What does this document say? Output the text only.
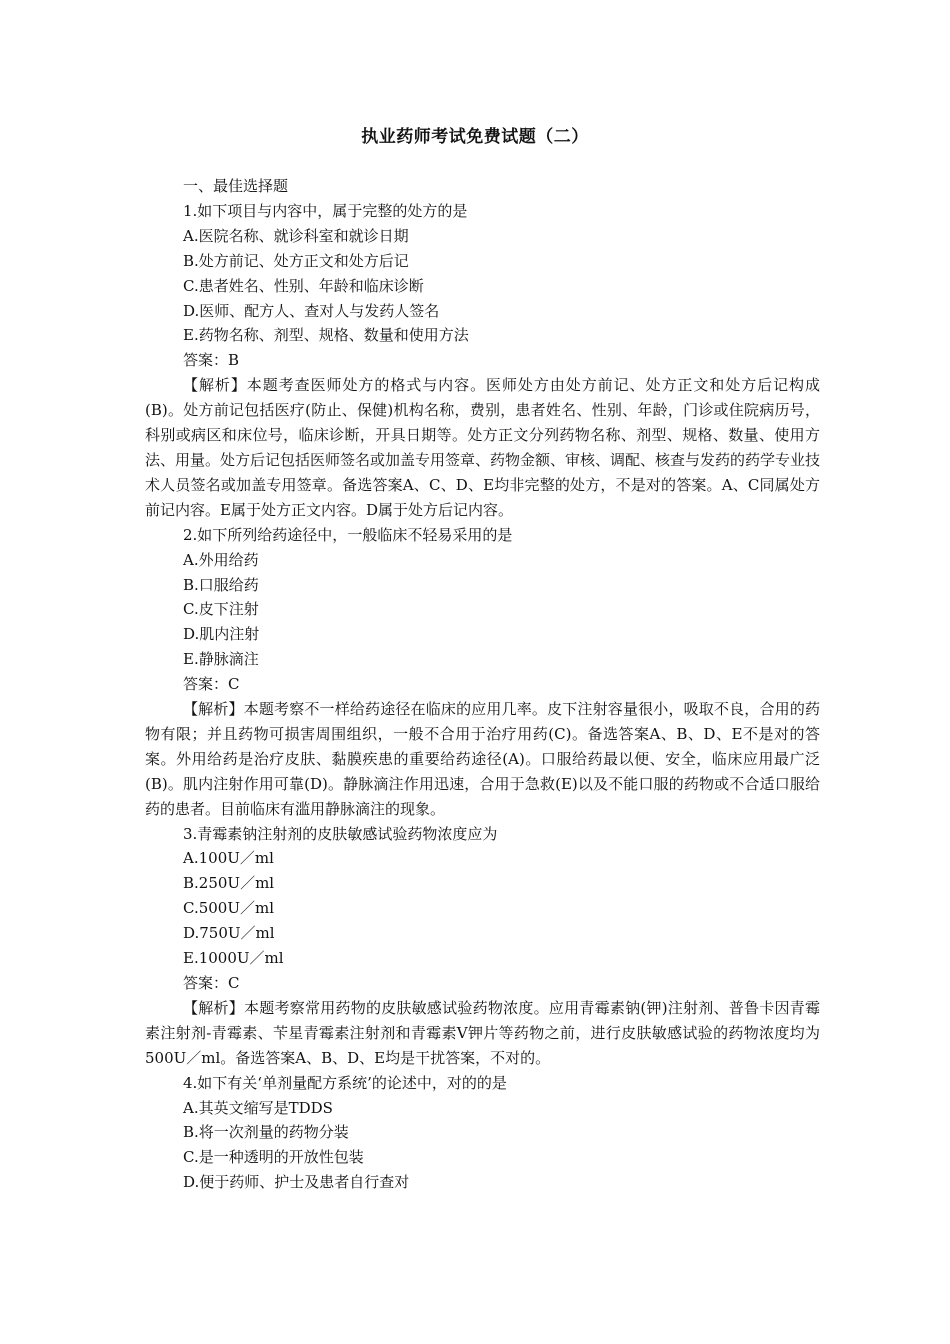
执业药师考试免费试题（二）
一、最佳选择题
1.如下项目与内容中，属于完整的处方的是
A.医院名称、就诊科室和就诊日期
B.处方前记、处方正文和处方后记
C.患者姓名、性别、年龄和临床诊断
D.医师、配方人、查对人与发药人签名
E.药物名称、剂型、规格、数量和使用方法
答案：B
【解析】本题考查医师处方的格式与内容。医师处方由处方前记、处方正文和处方后记构成(B)。处方前记包括医疗(防止、保健)机构名称，费别，患者姓名、性别、年龄，门诊或住院病历号，科别或病区和床位号，临床诊断，开具日期等。处方正文分列药物名称、剂型、规格、数量、使用方法、用量。处方后记包括医师签名或加盖专用签章、药物金额、审核、调配、核查与发药的药学专业技术人员签名或加盖专用签章。备选答案A、C、D、E均非完整的处方，不是对的答案。A、C同属处方前记内容。E属于处方正文内容。D属于处方后记内容。
2.如下所列给药途径中，一般临床不轻易采用的是
A.外用给药
B.口服给药
C.皮下注射
D.肌内注射
E.静脉滴注
答案：C
【解析】本题考察不一样给药途径在临床的应用几率。皮下注射容量很小，吸取不良，合用的药物有限；并且药物可损害周围组织，一般不合用于治疗用药(C)。备选答案A、B、D、E不是对的答案。外用给药是治疗皮肤、黏膜疾患的重要给药途径(A)。口服给药最以便、安全，临床应用最广泛(B)。肌内注射作用可靠(D)。静脉滴注作用迅速，合用于急救(E)以及不能口服的药物或不合适口服给药的患者。目前临床有滥用静脉滴注的现象。
3.青霉素钠注射剂的皮肤敏感试验药物浓度应为
A.100U／ml
B.250U／ml
C.500U／ml
D.750U／ml
E.1000U／ml
答案：C
【解析】本题考察常用药物的皮肤敏感试验药物浓度。应用青霉素钠(钾)注射剂、普鲁卡因青霉素注射剂-青霉素、苄星青霉素注射剂和青霉素Ⅴ钾片等药物之前，进行皮肤敏感试验的药物浓度均为500U／ml。备选答案A、B、D、E均是干扰答案，不对的。
4.如下有关‘单剂量配方系统’的论述中，对的的是
A.其英文缩写是TDDS
B.将一次剂量的药物分装
C.是一种透明的开放性包装
D.便于药师、护士及患者自行查对
